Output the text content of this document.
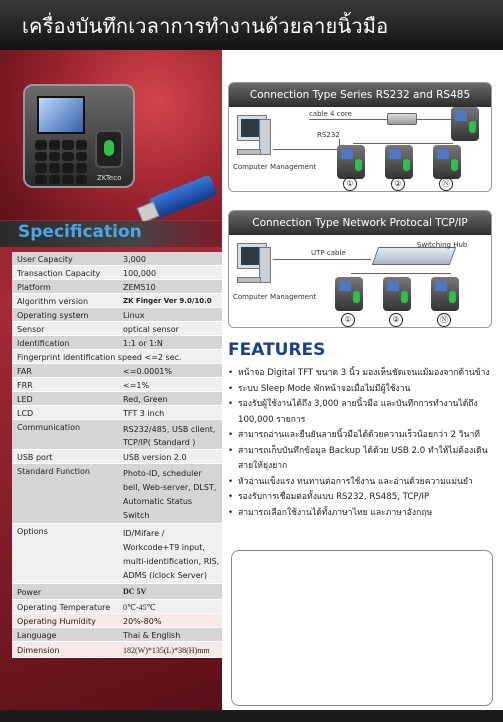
เครื่องบันทึกเวลาการทำงานด้วยลายนิ้วมือ
ZKTeco
Specification
User Capacity	3,000
Transaction Capacity	100,000
Platform	ZEM510
Algorithm version	ZK Finger Ver 9.0/10.0
Operating system	Linux
Sensor	optical sensor
Identification	1:1 or 1:N
Fingerprint identification speed <=2 sec.
FAR	<=0.0001%
FRR	<=1%
LED	Red, Green
LCD	TFT 3 inch
Communication	RS232/485, USB client, TCP/IP( Standard )
USB port	USB version 2.0
Standard Function	Photo-ID, scheduler bell, Web-server, DLST, Automatic Status Switch
Options	ID/Mifare / Workcode+T9 input, multi-identification, RIS, ADMS (iclock Server)
Power	DC 5V
Operating Temperature 0℃-45℃
Operating Humidity	20%-80%
Language	Thai & English
Dimension	182(W)*135(L)*38(H)mm
Connection Type Series RS232 and RS485
Computer Management
RS232
cable 4 core
①	②	Ⓝ
Connection Type Network Protocal TCP/IP
Computer Management
UTP cable
Switching Hub
①	②	Ⓝ
FEATURES
• หน้าจอ Digital TFT ขนาด 3 นิ้ว มองเห็นชัดเจนแม้มองจากด้านข้าง
• ระบบ Sleep Mode พักหน้าจอเมื่อไม่มีผู้ใช้งาน
• รองรับผู้ใช้งานได้ถึง 3,000 ลายนิ้วมือ และบันทึกการทำงานได้ถึง 100,000 รายการ
• สามารถอ่านและยืนยันลายนิ้วมือได้ด้วยความเร็วน้อยกว่า 2 วินาที
• สามารถเก็บบันทึกข้อมูล Backup ได้ด้วย USB 2.0 ทำให้ไม่ต้องเดินสายให้ยุ่งยาก
• หัวอ่านแข็งแรง ทนทานต่อการใช้งาน และอ่านด้วยความแม่นยำ
• รองรับการเชื่อมต่อทั้งแบบ RS232, RS485, TCP/IP
• สามารถเลือกใช้งานได้ทั้งภาษาไทย และภาษาอังกฤษ
